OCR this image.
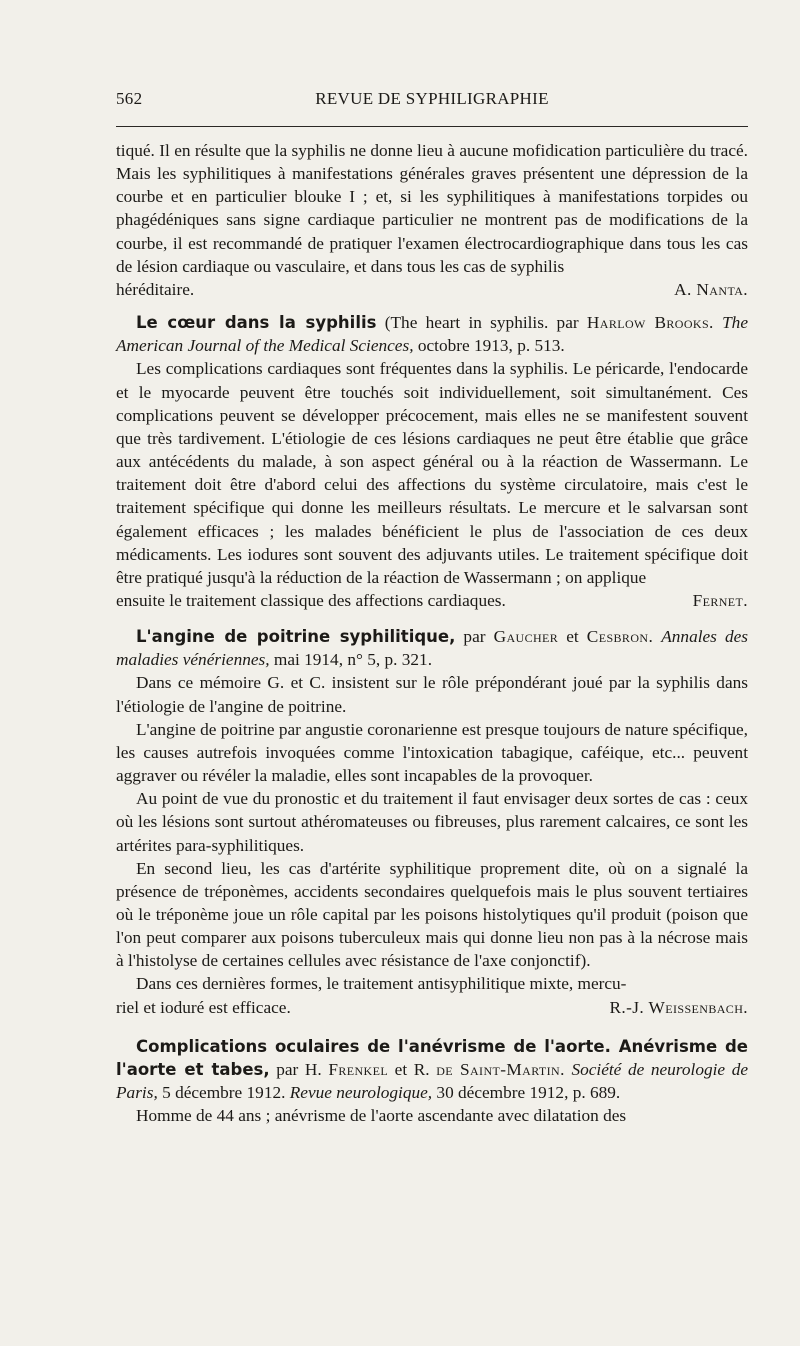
562	REVUE DE SYPHILIGRAPHIE

tiqué. Il en résulte que la syphilis ne donne lieu à aucune mofidication particulière du tracé. Mais les syphilitiques à manifestations générales graves présentent une dépression de la courbe et en particulier blouke I ; et, si les syphilitiques à manifestations torpides ou phagédéniques sans signe cardiaque particulier ne montrent pas de modifications de la courbe, il est recommandé de pratiquer l'examen électrocardiographique dans tous les cas de lésion cardiaque ou vasculaire, et dans tous les cas de syphilis

héréditaire.	A. Nanta.

Le cœur dans la syphilis (The heart in syphilis. par Harlow Brooks. The American Journal of the Medical Sciences, octobre 1913, p. 513.

Les complications cardiaques sont fréquentes dans la syphilis. Le péricarde, l'endocarde et le myocarde peuvent être touchés soit individuellement, soit simultanément. Ces complications peuvent se développer précocement, mais elles ne se manifestent souvent que très tardivement. L'étiologie de ces lésions cardiaques ne peut être établie que grâce aux antécédents du malade, à son aspect général ou à la réaction de Wassermann. Le traitement doit être d'abord celui des affections du système circulatoire, mais c'est le traitement spécifique qui donne les meilleurs résultats. Le mercure et le salvarsan sont également efficaces ; les malades bénéficient le plus de l'association de ces deux médicaments. Les iodures sont souvent des adjuvants utiles. Le traitement spécifique doit être pratiqué jusqu'à la réduction de la réaction de Wassermann ; on applique

ensuite le traitement classique des affections cardiaques.	Fernet.

L'angine de poitrine syphilitique, par Gaucher et Cesbron. Annales des maladies vénériennes, mai 1914, n° 5, p. 321.

Dans ce mémoire G. et C. insistent sur le rôle prépondérant joué par la syphilis dans l'étiologie de l'angine de poitrine.

L'angine de poitrine par angustie coronarienne est presque toujours de nature spécifique, les causes autrefois invoquées comme l'intoxication tabagique, caféique, etc... peuvent aggraver ou révéler la maladie, elles sont incapables de la provoquer.

Au point de vue du pronostic et du traitement il faut envisager deux sortes de cas : ceux où les lésions sont surtout athéromateuses ou fibreuses, plus rarement calcaires, ce sont les artérites para-syphilitiques.

En second lieu, les cas d'artérite syphilitique proprement dite, où on a signalé la présence de tréponèmes, accidents secondaires quelquefois mais le plus souvent tertiaires où le tréponème joue un rôle capital par les poisons histolytiques qu'il produit (poison que l'on peut comparer aux poisons tuberculeux mais qui donne lieu non pas à la nécrose mais à l'histolyse de certaines cellules avec résistance de l'axe conjonctif).

Dans ces dernières formes, le traitement antisyphilitique mixte, mercu-

riel et ioduré est efficace.	R.-J. Weissenbach.

Complications oculaires de l'anévrisme de l'aorte. Anévrisme de l'aorte et tabes, par H. Frenkel et R. de Saint-Martin. Société de neurologie de Paris, 5 décembre 1912. Revue neurologique, 30 décembre 1912, p. 689.

Homme de 44 ans ; anévrisme de l'aorte ascendante avec dilatation des
